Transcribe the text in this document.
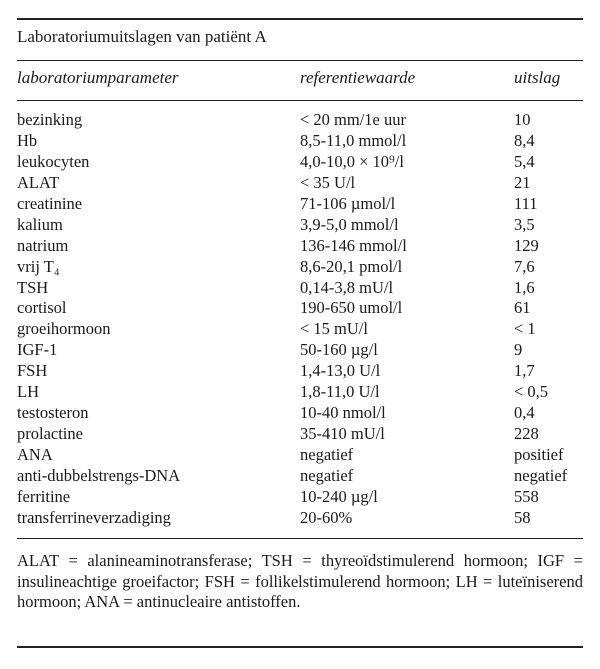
Laboratoriumuitslagen van patiënt A
laboratoriumparameter	referentiewaarde	uitslag
bezinking	< 20 mm/1e uur	10
Hb	8,5-11,0 mmol/l	8,4
leukocyten	4,0-10,0 × 10⁹/l	5,4
ALAT	< 35 U/l	21
creatinine	71-106 µmol/l	111
kalium	3,9-5,0 mmol/l	3,5
natrium	136-146 mmol/l	129
vrij T₄	8,6-20,1 pmol/l	7,6
TSH	0,14-3,8 mU/l	1,6
cortisol	190-650 umol/l	61
groeihormoon	< 15 mU/l	< 1
IGF-1	50-160 µg/l	9
FSH	1,4-13,0 U/l	1,7
LH	1,8-11,0 U/l	< 0,5
testosteron	10-40 nmol/l	0,4
prolactine	35-410 mU/l	228
ANA	negatief	positief
anti-dubbelstrengs-DNA	negatief	negatief
ferritine	10-240 µg/l	558
transferrineverzadiging	20-60%	58
ALAT = alanineaminotransferase; TSH = thyreoïdstimulerend hormoon; IGF = insulineachtige groeifactor; FSH = follikelstimulerend hormoon; LH = luteïniserend hormoon; ANA = antinucleaire antistoffen.
